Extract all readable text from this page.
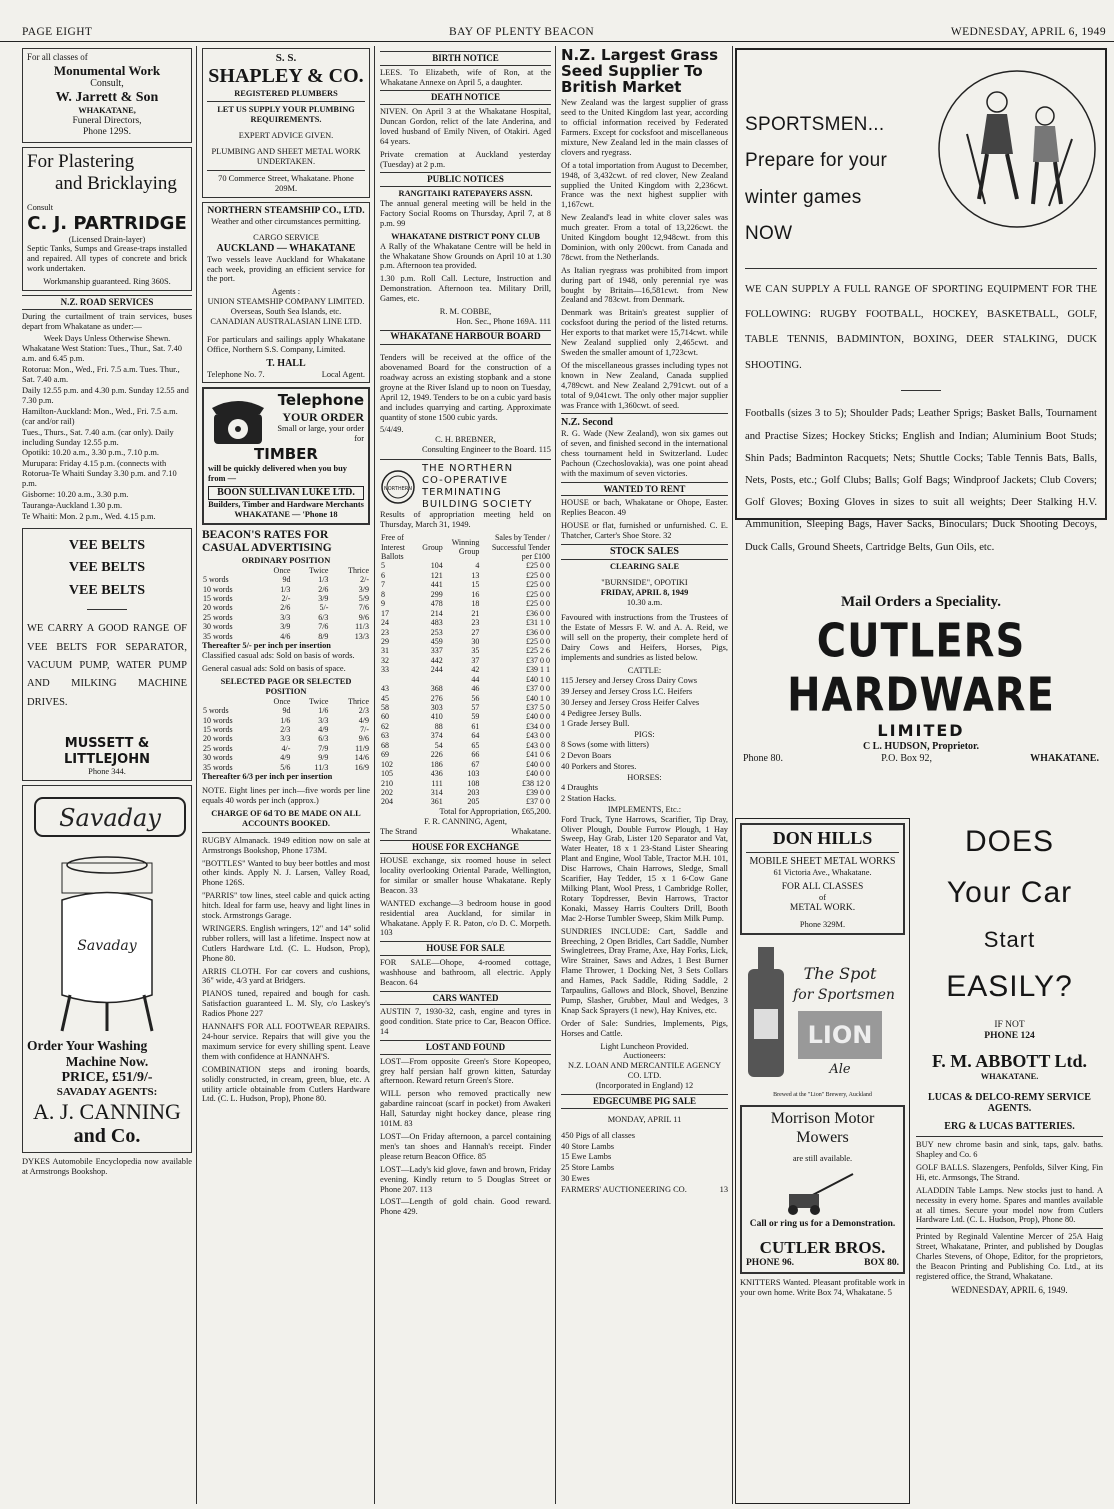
PAGE EIGHT	BAY OF PLENTY BEACON	WEDNESDAY, APRIL 6, 1949
For all classes of
Monumental Work
Consult,
W. Jarrett & Son
WHAKATANE,
Funeral Directors,
Phone 129S.
For Plastering
and Bricklaying
Consult
C. J. PARTRIDGE
(Licensed Drain-layer)
Septic Tanks, Sumps and Grease-traps installed and repaired. All types of concrete and brick work undertaken.
Workmanship guaranteed. Ring 360S.
N.Z. ROAD SERVICES
During the curtailment of train services, buses depart from Whakatane as under:—
Week Days Unless Otherwise Shewn.
Whakatane West Station: Tues., Thur., Sat. 7.40 a.m. and 6.45 p.m.
Rotorua: Mon., Wed., Fri. 7.5 a.m. Tues. Thur., Sat. 7.40 a.m.
Daily 12.55 p.m. and 4.30 p.m. Sunday 12.55 and 7.30 p.m.
Hamilton-Auckland: Mon., Wed., Fri. 7.5 a.m. (car and/or rail)
Tues., Thurs., Sat. 7.40 a.m. (car only). Daily including Sunday 12.55 p.m.
Opotiki: 10.20 a.m., 3.30 p.m., 7.10 p.m.
Murupara: Friday 4.15 p.m. (connects with Rotorua-Te Whaiti Sunday 3.30 p.m. and 7.10 p.m.
Gisborne: 10.20 a.m., 3.30 p.m.
Tauranga-Auckland 1.30 p.m.
Te Whaiti: Mon. 2 p.m., Wed. 4.15 p.m.
VEE BELTS
VEE BELTS
VEE BELTS
WE CARRY A GOOD RANGE OF VEE BELTS FOR SEPARATOR, VACUUM PUMP, WATER PUMP AND MILKING MACHINE DRIVES.
MUSSETT & LITTLEJOHN
Phone 344.
Savaday
Savaday
Order Your Washing
Machine Now.
PRICE, £51/9/-
SAVADAY AGENTS:
A. J. CANNING
and Co.
DYKES Automobile Encyclopedia now available at Armstrongs Bookshop.
S. S.
SHAPLEY & CO.
REGISTERED PLUMBERS
LET US SUPPLY YOUR PLUMBING REQUIREMENTS.
EXPERT ADVICE GIVEN.
PLUMBING AND SHEET METAL WORK UNDERTAKEN.
70 Commerce Street, Whakatane. Phone 209M.
NORTHERN STEAMSHIP CO., LTD.
Weather and other circumstances permitting.
CARGO SERVICE
AUCKLAND — WHAKATANE
Two vessels leave Auckland for Whakatane each week, providing an efficient service for the port.
Agents :
UNION STEAMSHIP COMPANY LIMITED.
Overseas, South Sea Islands, etc.
CANADIAN AUSTRALASIAN LINE LTD.
For particulars and sailings apply Whakatane Office, Northern S.S. Company, Limited.
T. HALL
Telephone No. 7.	Local Agent.
Telephone
YOUR ORDER
Small or large, your order for
TIMBER
will be quickly delivered when you buy from —
BOON SULLIVAN LUKE LTD.
Builders, Timber and Hardware Merchants
WHAKATANE — 'Phone 18
BEACON'S RATES FOR CASUAL ADVERTISING
ORDINARY POSITION
	Once	Twice	Thrice
5 words	9d	1/3	2/-
10 words	1/3	2/6	3/9
15 words	2/-	3/9	5/9
20 words	2/6	5/-	7/6
25 words	3/3	6/3	9/6
30 words	3/9	7/6	11/3
35 words	4/6	8/9	13/3
Thereafter 5/- per inch per insertion
Classified casual ads: Sold on basis of words.
General casual ads: Sold on basis of space.
SELECTED PAGE OR SELECTED POSITION
	Once	Twice	Thrice
5 words	9d	1/6	2/3
10 words	1/6	3/3	4/9
15 words	2/3	4/9	7/-
20 words	3/3	6/3	9/6
25 words	4/-	7/9	11/9
30 words	4/9	9/9	14/6
35 words	5/6	11/3	16/9
Thereafter 6/3 per inch per insertion
NOTE. Eight lines per inch—five words per line equals 40 words per inch (approx.)
CHARGE OF 6d TO BE MADE ON ALL ACCOUNTS BOOKED.
RUGBY Almanack. 1949 edition now on sale at Armstrongs Bookshop, Phone 173M.
"BOTTLES" Wanted to buy beer bottles and most other kinds. Apply N. J. Larsen, Valley Road, Phone 126S.
"PARRIS" tow lines, steel cable and quick acting hitch. Ideal for farm use, heavy and light lines in stock. Armstrongs Garage.
WRINGERS. English wringers, 12" and 14" solid rubber rollers, will last a lifetime. Inspect now at Cutlers Hardware Ltd. (C. L. Hudson, Prop), Phone 80.
ARRIS CLOTH. For car covers and cushions, 36" wide, 4/3 yard at Bridgers.
PIANOS tuned, repaired and bough for cash. Satisfaction guaranteed L. M. Sly, c/o Laskey's Radios Phone 227
HANNAH'S FOR ALL FOOTWEAR REPAIRS. 24-hour service. Repairs that will give you the maximum service for every shilling spent. Leave them with confidence at HANNAH'S.
COMBINATION steps and ironing boards, solidly constructed, in cream, green, blue, etc. A utility article obtainable from Cutlers Hardware Ltd. (C. L. Hudson, Prop), Phone 80.
BIRTH NOTICE
LEES. To Elizabeth, wife of Ron, at the Whakatane Annexe on April 5, a daughter.
DEATH NOTICE
NIVEN. On April 3 at the Whakatane Hospital, Duncan Gordon, relict of the late Anderina, and loved husband of Emily Niven, of Otakiri. Aged 64 years.
Private cremation at Auckland yesterday (Tuesday) at 2 p.m.
PUBLIC NOTICES
RANGITAIKI RATEPAYERS ASSN.
The annual general meeting will be held in the Factory Social Rooms on Thursday, April 7, at 8 p.m. 99
WHAKATANE DISTRICT PONY CLUB
A Rally of the Whakatane Centre will be held in the Whakatane Show Grounds on April 10 at 1.30 p.m. Afternoon tea provided.
1.30 p.m. Roll Call. Lecture, Instruction and Demonstration. Afternoon tea. Military Drill, Games, etc.
R. M. COBBE,
Hon. Sec., Phone 169A. 111
WHAKATANE HARBOUR BOARD
Tenders will be received at the office of the abovenamed Board for the construction of a roadway across an existing stopbank and a stone groyne at the River Island up to noon on Tuesday, April 12, 1949. Tenders to be on a cubic yard basis and includes quarrying and carting. Approximate quantity of stone 1500 cubic yards.
5/4/49.
C. H. BREBNER,
Consulting Engineer to the Board. 115
NORTHERN
THE NORTHERN
CO-OPERATIVE
TERMINATING
BUILDING SOCIETY
Results of appropriation meeting held on Thursday, March 31, 1949.
Free of Interest Ballots	Group	Winning Group	Sales by Tender / Successful Tender per £100
5	104	4	£25 0 0
6	121	13	£25 0 0
7	441	15	£25 0 0
8	299	16	£25 0 0
9	478	18	£25 0 0
17	214	21	£36 0 0
24	483	23	£31 1 0
23	253	27	£36 0 0
29	459	30	£25 0 0
31	337	35	£25 2 6
32	442	37	£37 0 0
33	244	42	£39 1 1
		44	£40 1 0
43	368	46	£37 0 0
45	276	56	£40 1 0
58	303	57	£37 5 0
60	410	59	£40 0 0
62	88	61	£34 0 0
63	374	64	£43 0 0
68	54	65	£43 0 0
69	226	66	£41 0 6
102	186	67	£40 0 0
105	436	103	£40 0 0
210	111	108	£38 12 0
202	314	203	£39 0 0
204	361	205	£37 0 0
Total for Appropriation, £65,200.
F. R. CANNING, Agent,
The Strand	Whakatane.
HOUSE FOR EXCHANGE
HOUSE exchange, six roomed house in select locality overlooking Oriental Parade, Wellington, for similar or smaller house Whakatane. Reply Beacon. 33
WANTED exchange—3 bedroom house in good residential area Auckland, for similar in Whakatane. Apply F. R. Paton, c/o D. C. Morpeth. 103
HOUSE FOR SALE
FOR SALE—Ohope, 4-roomed cottage, washhouse and bathroom, all electric. Apply Beacon. 64
CARS WANTED
AUSTIN 7, 1930-32, cash, engine and tyres in good condition. State price to Car, Beacon Office. 14
LOST AND FOUND
LOST—From opposite Green's Store Kopeopeo, grey half persian half grown kitten, Saturday afternoon. Reward return Green's Store.
WILL person who removed practically new gabardine raincoat (scarf in pocket) from Awakeri Hall, Saturday night hockey dance, please ring 101M. 83
LOST—On Friday afternoon, a parcel containing men's tan shoes and Hannah's receipt. Finder please return Beacon Office. 85
LOST—Lady's kid glove, fawn and brown, Friday evening. Kindly return to 5 Douglas Street or Phone 207. 113
LOST—Length of gold chain. Good reward. Phone 429.
N.Z. Largest Grass Seed Supplier To British Market
New Zealand was the largest supplier of grass seed to the United Kingdom last year, according to official information received by Federated Farmers. Except for cocksfoot and miscellaneous mixture, New Zealand led in the main classes of clovers and ryegrass.
Of a total importation from August to December, 1948, of 3,432cwt. of red clover, New Zealand supplied the United Kingdom with 2,236cwt. France was the next highest supplier with 1,167cwt.
New Zealand's lead in white clover sales was much greater. From a total of 13,226cwt. the United Kingdom bought 12,948cwt. from this Dominion, with only 200cwt. from Canada and 78cwt. from the Netherlands.
As Italian ryegrass was prohibited from import during part of 1948, only perennial rye was bought by Britain—16,581cwt. from New Zealand and 783cwt. from Denmark.
Denmark was Britain's greatest supplier of cocksfoot during the period of the listed returns. Her exports to that market were 15,714cwt. while New Zealand supplied only 2,465cwt. and Sweden the smaller amount of 1,723cwt.
Of the miscellaneous grasses including types not known in New Zealand, Canada supplied 4,789cwt. and New Zealand 2,791cwt. out of a total of 9,041cwt. The only other major supplier was France with 1,360cwt. of seed.
N.Z. Second
R. G. Wade (New Zealand), won six games out of seven, and finished second in the international chess tournament held in Switzerland. Ludec Pachoun (Czechoslovakia), was one point ahead with the maximum of seven victories.
WANTED TO RENT
HOUSE or bach, Whakatane or Ohope, Easter. Replies Beacon. 49
HOUSE or flat, furnished or unfurnished. C. E. Thatcher, Carter's Shoe Store. 32
STOCK SALES
CLEARING SALE
"BURNSIDE", OPOTIKI
FRIDAY, APRIL 8, 1949
10.30 a.m.
Favoured with instructions from the Trustees of the Estate of Messrs F. W. and A. A. Reid, we will sell on the property, their complete herd of Dairy Cows and Heifers, Horses, Pigs, implements and sundries as listed below.
CATTLE:
115 Jersey and Jersey Cross Dairy Cows
39 Jersey and Jersey Cross I.C. Heifers
30 Jersey and Jersey Cross Heifer Calves
4 Pedigree Jersey Bulls.
1 Grade Jersey Bull.
PIGS:
8 Sows (some with litters)
2 Devon Boars
40 Porkers and Stores.
HORSES:
4 Draughts
2 Station Hacks.
IMPLEMENTS, Etc.:
Ford Truck, Tyne Harrows, Scarifier, Tip Dray, Oliver Plough, Double Furrow Plough, 1 Hay Sweep, Hay Grab, Lister 120 Separator and Vat, Water Heater, 18 x 1 23-Stand Lister Shearing Plant and Engine, Wool Table, Tractor M.H. 101, Disc Harrows, Chain Harrows, Sledge, Small Scarifier, Hay Tedder, 15 x 1 6-Cow Gane Milking Plant, Wool Press, 1 Cambridge Roller, Rotary Topdresser, Bevin Harrows, Tractor Konaki, Massey Harris Coulters Drill, Booth Mac 2-Horse Tumbler Sweep, Skim Milk Pump.
SUNDRIES INCLUDE: Cart, Saddle and Breeching, 2 Open Bridles, Cart Saddle, Number Swingletrees, Dray Frame, Axe, Hay Forks, Lick, Wire Strainer, Saws and Adzes, 1 Best Burner Flame Thrower, 1 Docking Net, 3 Sets Collars and Hames, Pack Saddle, Riding Saddle, 2 Tarpaulins, Gallows and Block, Shovel, Benzine Pump, Slasher, Grubber, Maul and Wedges, 3 Knap Sack Sprayers (1 new), Hay Knives, etc.
Order of Sale: Sundries, Implements, Pigs, Horses and Cattle.
Light Luncheon Provided.
Auctioneers:
N.Z. LOAN AND MERCANTILE AGENCY CO. LTD.
(Incorporated in England) 12
EDGECUMBE PIG SALE
MONDAY, APRIL 11
450 Pigs of all classes
40 Store Lambs
15 Ewe Lambs
25 Store Lambs
30 Ewes
FARMERS' AUCTIONEERING CO.	13
SPORTSMEN...
Prepare for your
winter games
NOW
WE CAN SUPPLY A FULL RANGE OF SPORTING EQUIPMENT FOR THE FOLLOWING: RUGBY FOOTBALL, HOCKEY, BASKETBALL, GOLF, TABLE TENNIS, BADMINTON, BOXING, DEER STALKING, DUCK SHOOTING.
Footballs (sizes 3 to 5); Shoulder Pads; Leather Sprigs; Basket Balls, Tournament and Practise Sizes; Hockey Sticks; English and Indian; Aluminium Boot Studs; Shin Pads; Badminton Racquets; Nets; Shuttle Cocks; Table Tennis Bats, Balls, Nets, Posts, etc.; Golf Clubs; Balls; Golf Bags; Windproof Jackets; Club Covers; Golf Gloves; Boxing Gloves in sizes to suit all weights; Deer Stalking H.V. Ammunition, Sleeping Bags, Haver Sacks, Binoculars; Duck Shooting Decoys, Duck Calls, Ground Sheets, Cartridge Belts, Gun Oils, etc.
Mail Orders a Speciality.
CUTLERS HARDWARE
LIMITED
C L. HUDSON, Proprietor.
Phone 80.	P.O. Box 92,	WHAKATANE.
DON HILLS
MOBILE SHEET METAL WORKS
61 Victoria Ave., Whakatane.
FOR ALL CLASSES
of
METAL WORK.
Phone 329M.
The Spot
for Sportsmen
LION
Ale
Brewed at the "Lion" Brewery, Auckland
Morrison Motor
Mowers
are still available.
Call or ring us for a Demonstration.
CUTLER BROS.
PHONE 96.	BOX 80.
KNITTERS Wanted. Pleasant profitable work in your own home. Write Box 74, Whakatane. 5
DOES
Your Car
Start
EASILY?
IF NOT
PHONE 124
F. M. ABBOTT Ltd.
WHAKATANE.
LUCAS & DELCO-REMY SERVICE AGENTS.
ERG & LUCAS BATTERIES.
BUY new chrome basin and sink, taps, galv. baths. Shapley and Co. 6
GOLF BALLS. Slazengers, Penfolds, Silver King, Fin Hi, etc. Armsongs, The Strand.
ALADDIN Table Lamps. New stocks just to hand. A necessity in every home. Spares and mantles available at all times. Secure your model now from Cutlers Hardware Ltd. (C. L. Hudson, Prop), Phone 80.
Printed by Reginald Valentine Mercer of 25A Haig Street, Whakatane, Printer, and published by Douglas Charles Stevens, of Ohope, Editor, for the proprietors, the Beacon Printing and Publishing Co. Ltd., at its registered office, the Strand, Whakatane.
WEDNESDAY, APRIL 6, 1949.
